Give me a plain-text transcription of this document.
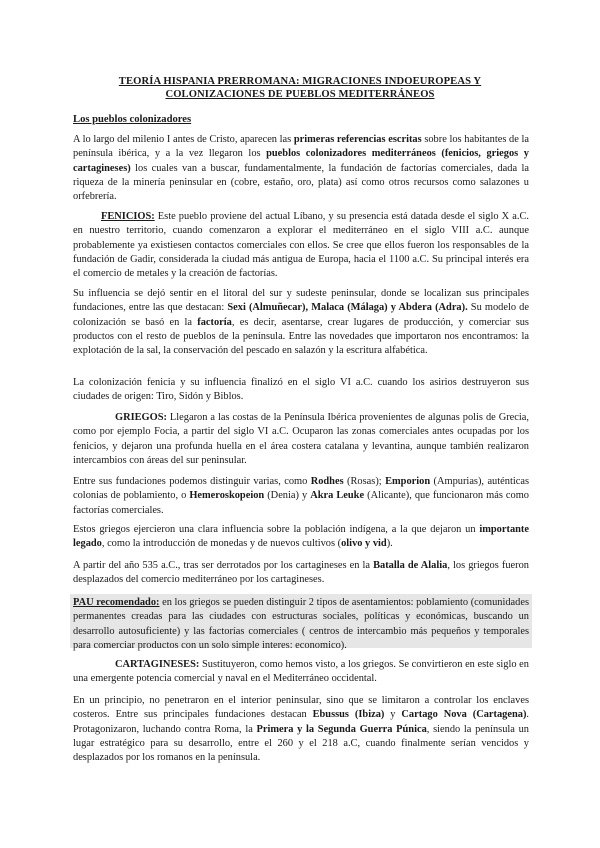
TEORÍA HISPANIA PRERROMANA: MIGRACIONES INDOEUROPEAS Y
COLONIZACIONES DE PUEBLOS MEDITERRÁNEOS
Los pueblos colonizadores

A lo largo del milenio I antes de Cristo, aparecen las primeras referencias escritas sobre los habitantes de la península ibérica, y a la vez llegaron los pueblos colonizadores mediterráneos (fenicios, griegos y cartagineses) los cuales van a buscar, fundamentalmente, la fundación de factorías comerciales, dada la riqueza de la minería peninsular en (cobre, estaño, oro, plata) así como otros recursos como salazones u orfebrería.

FENICIOS: Este pueblo proviene del actual Líbano, y su presencia está datada desde el siglo X a.C. en nuestro territorio, cuando comenzaron a explorar el mediterráneo en el siglo VIII a.C. aunque probablemente ya existiesen contactos comerciales con ellos. Se cree que ellos fueron los responsables de la fundación de Gadir, considerada la ciudad más antigua de Europa, hacia el 1100 a.C. Su principal interés era el comercio de metales y la creación de factorías.

Su influencia se dejó sentir en el litoral del sur y sudeste peninsular, donde se localizan sus principales fundaciones, entre las que destacan: Sexi (Almuñecar), Malaca (Málaga) y Abdera (Adra). Su modelo de colonización se basó en la factoría, es decir, asentarse, crear lugares de producción, y comerciar sus productos con el resto de pueblos de la península. Entre las novedades que importaron nos encontramos: la explotación de la sal, la conservación del pescado en salazón y la escritura alfabética.

La colonización fenicia y su influencia finalizó en el siglo VI a.C. cuando los asirios destruyeron sus ciudades de origen: Tiro, Sidón y Biblos.

GRIEGOS: Llegaron a las costas de la Península Ibérica provenientes de algunas polis de Grecia, como por ejemplo Focia, a partir del siglo VI a.C. Ocuparon las zonas comerciales antes ocupadas por los fenicios, y dejaron una profunda huella en el área costera catalana y levantina, aunque también realizaron intercambios con áreas del sur peninsular.

Entre sus fundaciones podemos distinguir varias, como Rodhes (Rosas); Emporion (Ampurias), auténticas colonias de poblamiento, o Hemeroskopeion (Denia) y Akra Leuke (Alicante), que funcionaron más como factorías comerciales.

Estos griegos ejercieron una clara influencia sobre la población indígena, a la que dejaron un importante legado, como la introducción de monedas y de nuevos cultivos (olivo y vid).

A partir del año 535 a.C., tras ser derrotados por los cartagineses en la Batalla de Alalia, los griegos fueron desplazados del comercio mediterráneo por los cartagineses.

PAU recomendado: en los griegos se pueden distinguir 2 tipos de asentamientos: poblamiento (comunidades permanentes creadas para las ciudades con estructuras sociales, políticas y económicas, buscando un desarrollo autosuficiente) y las factorías comerciales ( centros de intercambio más pequeños y temporales para comerciar productos con un solo simple interes: economico).

CARTAGINESES: Sustituyeron, como hemos visto, a los griegos. Se convirtieron en este siglo en una emergente potencia comercial y naval en el Mediterráneo occidental.

En un principio, no penetraron en el interior peninsular, sino que se limitaron a controlar los enclaves costeros. Entre sus principales fundaciones destacan Ebussus (Ibiza) y Cartago Nova (Cartagena). Protagonizaron, luchando contra Roma, la Primera y la Segunda Guerra Púnica, siendo la península un lugar estratégico para su desarrollo, entre el 260 y el 218 a.C, cuando finalmente serían vencidos y desplazados por los romanos en la península.
